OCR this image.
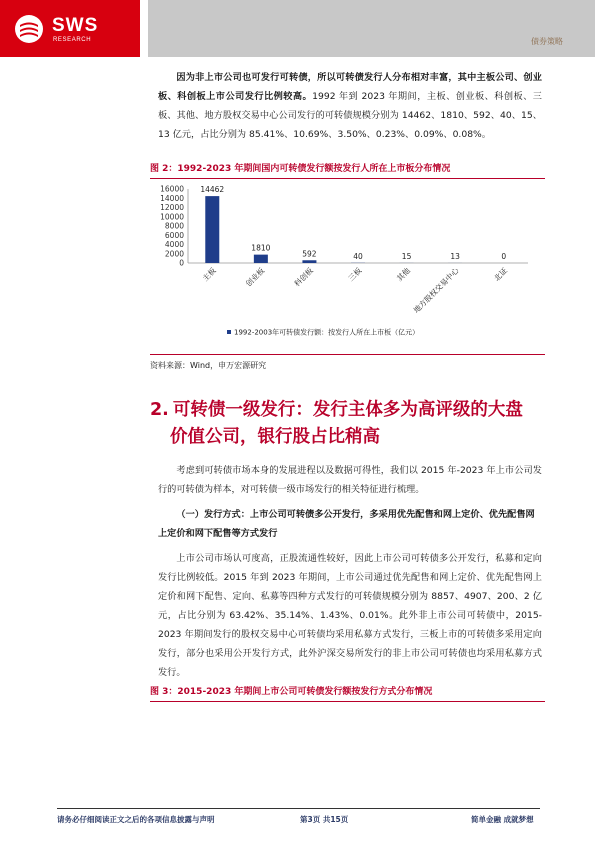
SWS
RESEARCH	债券策略

因为非上市公司也可发行可转债，所以可转债发行人分布相对丰富，其中主板公司、创业板、科创板上市公司发行比例较高。1992 年到 2023 年期间，主板、创业板、科创板、三板、其他、地方股权交易中心公司发行的可转债规模分别为 14462、1810、592、40、15、13 亿元，占比分别为 85.41%、10.69%、3.50%、0.23%、0.09%、0.08%。

图 2：1992-2023 年期间国内可转债发行额按发行人所在上市板分布情况
0
2000
4000
6000
8000
10000
12000
14000
16000 14462
主板
1810
创业板
592
科创板
40
三板
15
其他
13
地方股权交易中心
0
北证
1992-2003年可转债发行额：按发行人所在上市板（亿元）
资料来源：Wind，申万宏源研究
2. 可转债一级发行：发行主体多为高评级的大盘
价值公司，银行股占比稍高

考虑到可转债市场本身的发展进程以及数据可得性，我们以 2015 年-2023 年上市公司发行的可转债为样本，对可转债一级市场发行的相关特征进行梳理。

（一）发行方式：上市公司可转债多公开发行，多采用优先配售和网上定价、优先配售网上定价和网下配售等方式发行

上市公司市场认可度高，正股流通性较好，因此上市公司可转债多公开发行，私募和定向发行比例较低。2015 年到 2023 年期间，上市公司通过优先配售和网上定价、优先配售网上定价和网下配售、定向、私募等四种方式发行的可转债规模分别为 8857、4907、200、2 亿元，占比分别为 63.42%、35.14%、1.43%、0.01%。此外非上市公司可转债中，2015-2023 年期间发行的股权交易中心可转债均采用私募方式发行，三板上市的可转债多采用定向发行，部分也采用公开发行方式，此外沪深交易所发行的非上市公司可转债也均采用私募方式发行。

图 3：2015-2023 年期间上市公司可转债发行额按发行方式分布情况
请务必仔细阅读正文之后的各项信息披露与声明	第3页 共15页	简单金融 成就梦想
